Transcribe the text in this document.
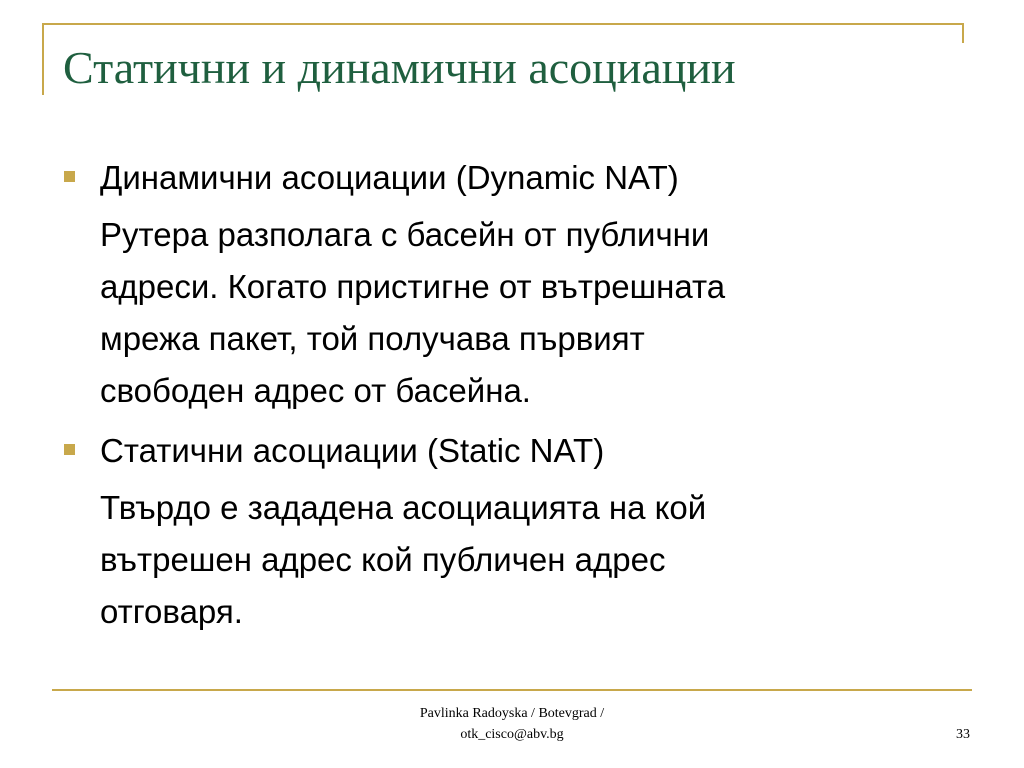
Статични и динамични асоциации
Динамични асоциации (Dynamic NAT)
Рутера разполага с басейн от публични
адреси. Когато пристигне от вътрешната
мрежа пакет, той получава първият
свободен адрес от басейна.
Статични асоциации (Static NAT)
Твърдо е зададена асоциацията на кой
вътрешен адрес кой публичен адрес
отговаря.
Pavlinka Radoyska / Botevgrad /
otk_cisco@abv.bg	33
